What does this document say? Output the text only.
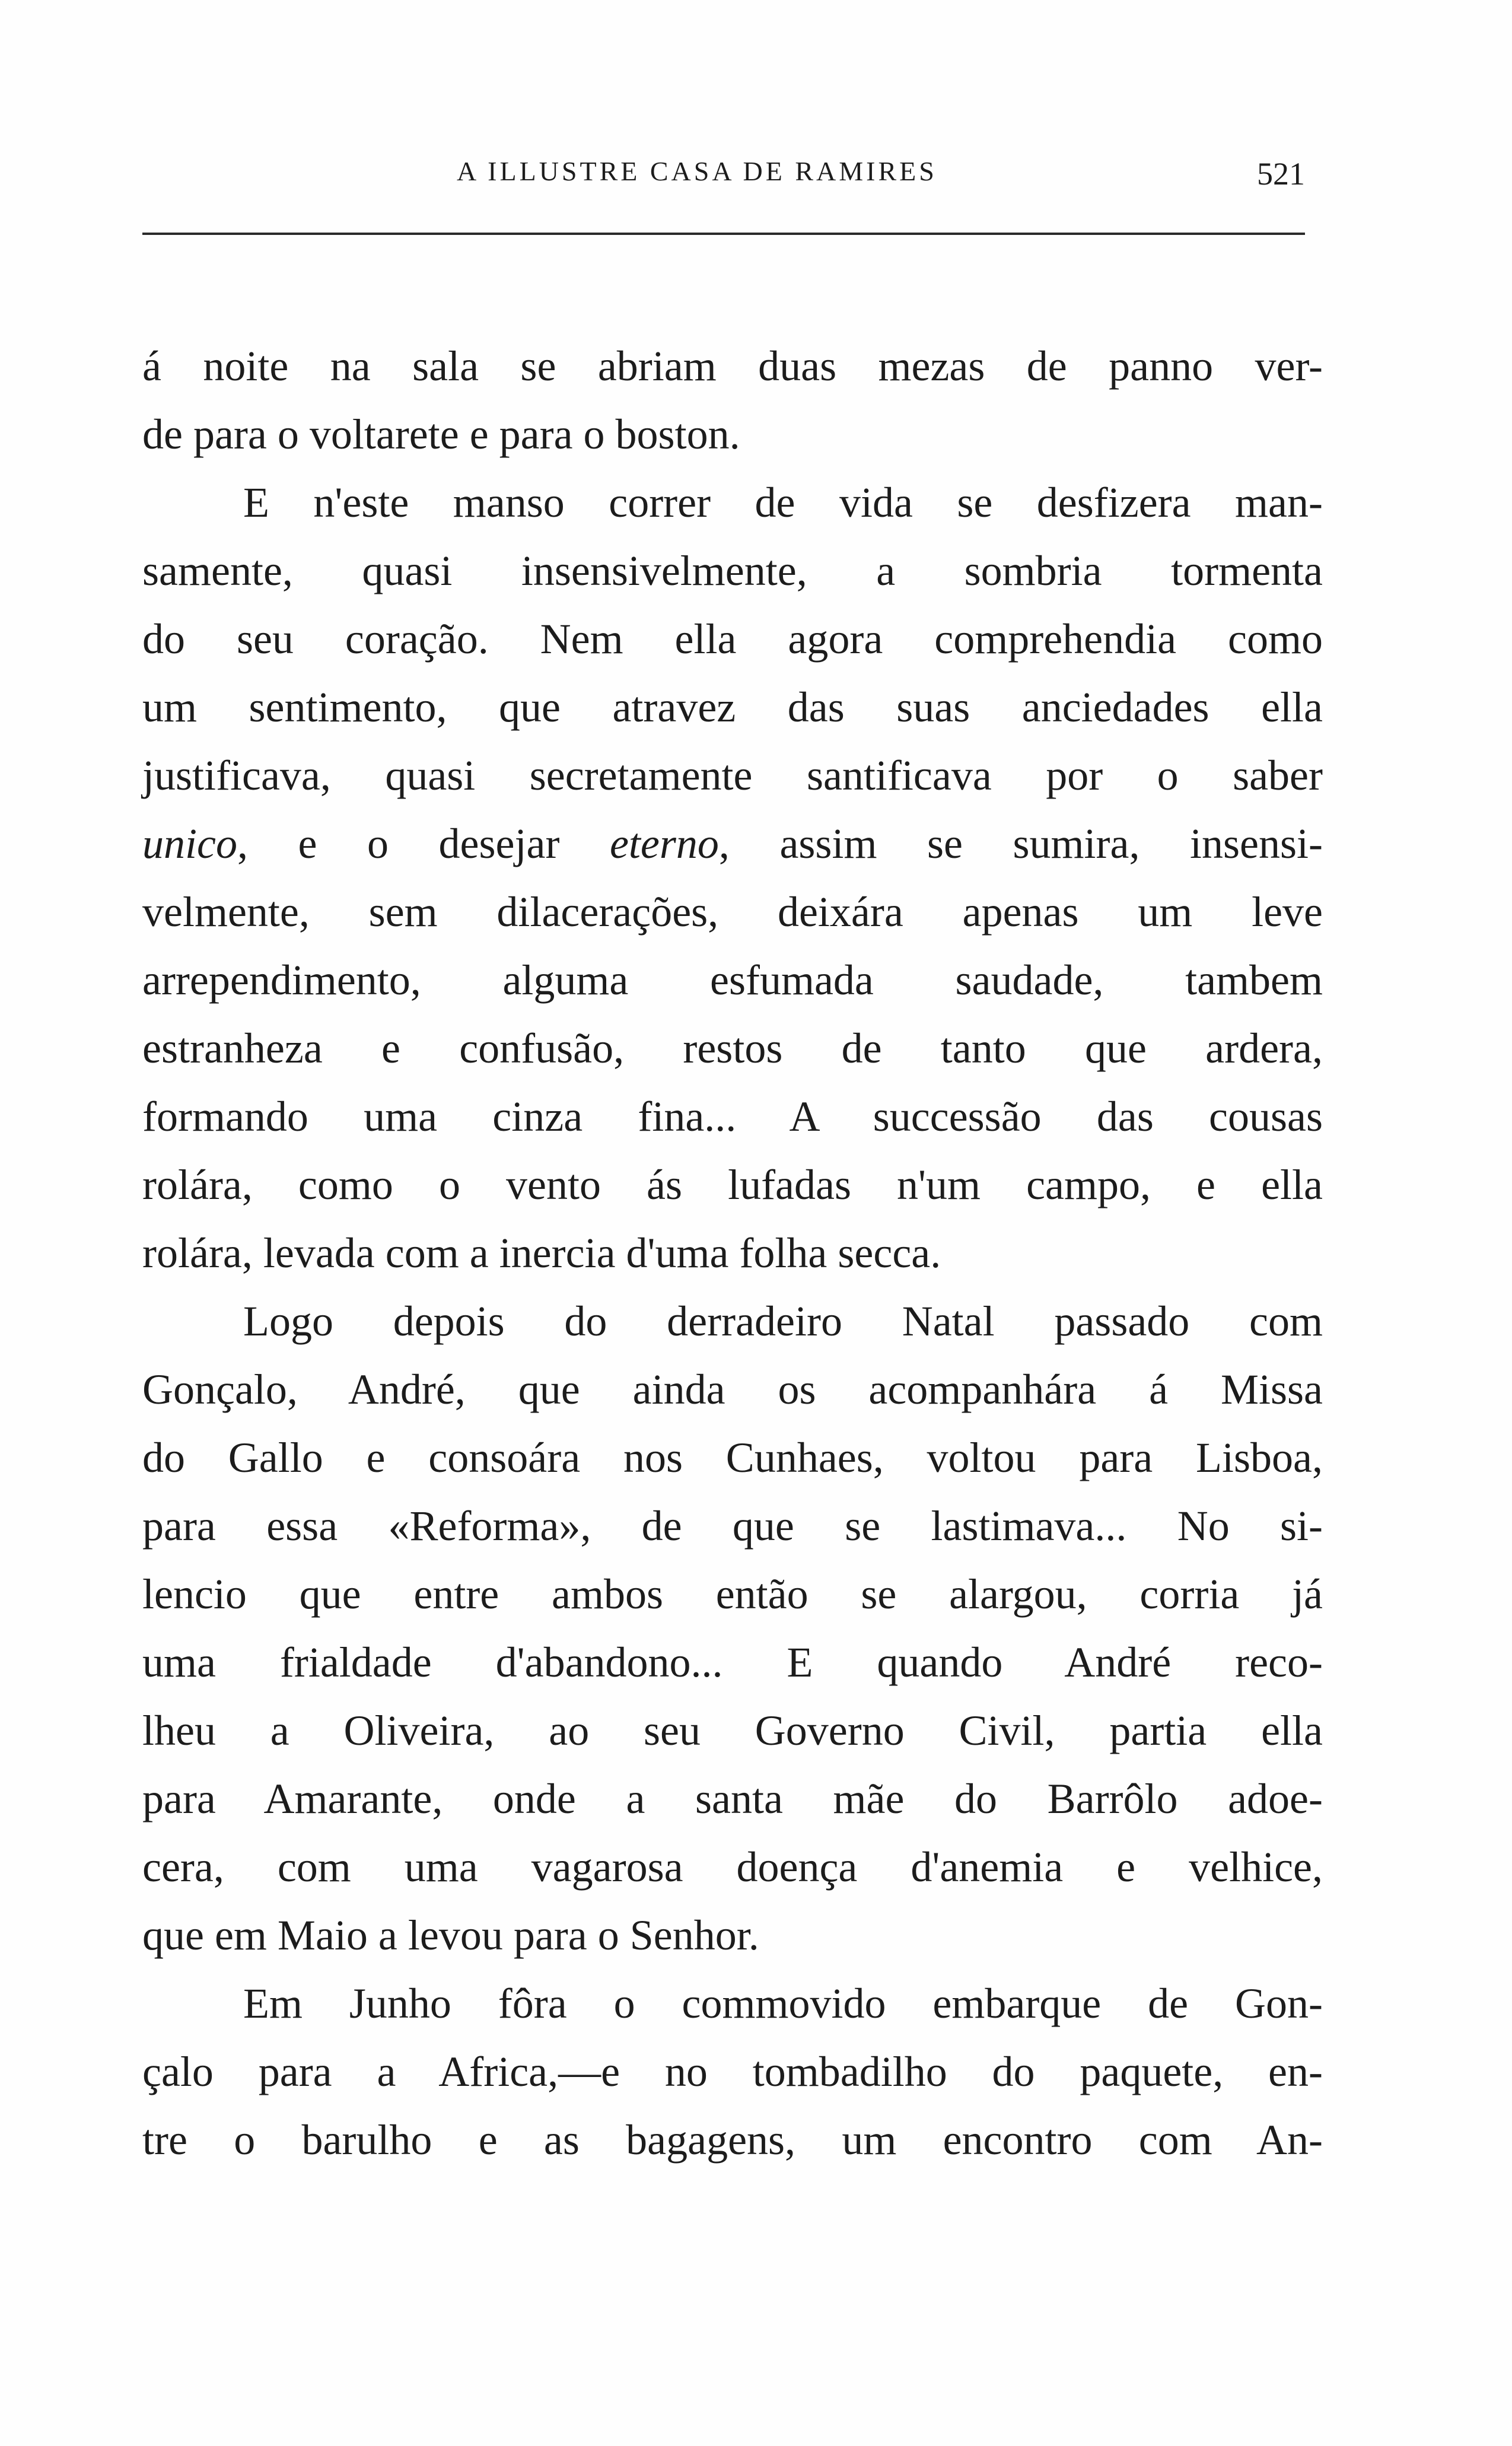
A ILLUSTRE CASA DE RAMIRES	521
á noite na sala se abriam duas mezas de panno ver-
de para o voltarete e para o boston.
E n'este manso correr de vida se desfizera man-
samente, quasi insensivelmente, a sombria tormenta
do seu coração. Nem ella agora comprehendia como
um sentimento, que atravez das suas anciedades ella
justificava, quasi secretamente santificava por o saber
unico, e o desejar eterno, assim se sumira, insensi-
velmente, sem dilacerações, deixára apenas um leve
arrependimento, alguma esfumada saudade, tambem
estranheza e confusão, restos de tanto que ardera,
formando uma cinza fina... A successão das cousas
rolára, como o vento ás lufadas n'um campo, e ella
rolára, levada com a inercia d'uma folha secca.
Logo depois do derradeiro Natal passado com
Gonçalo, André, que ainda os acompanhára á Missa
do Gallo e consoára nos Cunhaes, voltou para Lisboa,
para essa «Reforma», de que se lastimava... No si-
lencio que entre ambos então se alargou, corria já
uma frialdade d'abandono... E quando André reco-
lheu a Oliveira, ao seu Governo Civil, partia ella
para Amarante, onde a santa mãe do Barrôlo adoe-
cera, com uma vagarosa doença d'anemia e velhice,
que em Maio a levou para o Senhor.
Em Junho fôra o commovido embarque de Gon-
çalo para a Africa,—e no tombadilho do paquete, en-
tre o barulho e as bagagens, um encontro com An-
